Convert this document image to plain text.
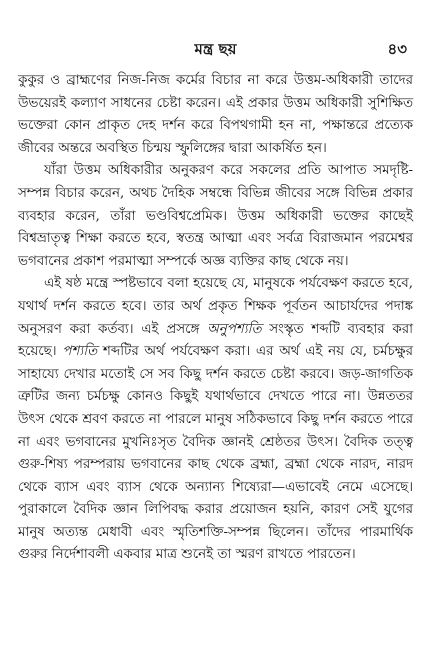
মন্ত্র ছয়	৪৩

কুকুর ও ব্রাহ্মণের নিজ-নিজ কর্মের বিচার না করে উত্তম-অধিকারী তাদের উভয়েরই কল্যাণ সাধনের চেষ্টা করেন। এই প্রকার উত্তম অধিকারী সুশিক্ষিত ভক্তেরা কোন প্রাকৃত দেহ দর্শন করে বিপথগামী হন না, পক্ষান্তরে প্রত্যেক জীবের অন্তরে অবস্থিত চিন্ময় স্ফুলিঙ্গের দ্বারা আকর্ষিত হন।

যাঁরা উত্তম অধিকারীর অনুকরণ করে সকলের প্রতি আপাত সমদৃষ্টি-সম্পন্ন বিচার করেন, অথচ দৈহিক সম্বন্ধে বিভিন্ন জীবের সঙ্গে বিভিন্ন প্রকার ব্যবহার করেন, তাঁরা ভণ্ডবিশ্বপ্রেমিক। উত্তম অধিকারী ভক্তের কাছেই বিশ্বভ্রাতৃত্ব শিক্ষা করতে হবে, স্বতন্ত্র আত্মা এবং সর্বত্র বিরাজমান পরমেশ্বর ভগবানের প্রকাশ পরমাত্মা সম্পর্কে অজ্ঞ ব্যক্তির কাছ থেকে নয়।

এই ষষ্ঠ মন্ত্রে স্পষ্টভাবে বলা হয়েছে যে, মানুষকে পর্যবেক্ষণ করতে হবে, যথার্থ দর্শন করতে হবে। তার অর্থ প্রকৃত শিক্ষক পূর্বতন আচার্যদের পদাঙ্ক অনুসরণ করা কর্তব্য। এই প্রসঙ্গে অনুপশ্যতি সংস্কৃত শব্দটি ব্যবহার করা হয়েছে। পশ্যতি শব্দটির অর্থ পর্যবেক্ষণ করা। এর অর্থ এই নয় যে, চর্মচক্ষুর সাহায্যে দেখার মতোই সে সব কিছু দর্শন করতে চেষ্টা করবে। জড়-জাগতিক ত্রুটির জন্য চর্মচক্ষু কোনও কিছুই যথার্থভাবে দেখতে পারে না। উন্নততর উৎস থেকে শ্রবণ করতে না পারলে মানুষ সঠিকভাবে কিছু দর্শন করতে পারে না এবং ভগবানের মুখনিঃসৃত বৈদিক জ্ঞানই শ্রেষ্ঠতর উৎস। বৈদিক তত্ত্ব গুরু-শিষ্য পরম্পরায় ভগবানের কাছ থেকে ব্রহ্মা, ব্রহ্মা থেকে নারদ, নারদ থেকে ব্যাস এবং ব্যাস থেকে অন্যান্য শিষ্যেরা—এভাবেই নেমে এসেছে। পুরাকালে বৈদিক জ্ঞান লিপিবদ্ধ করার প্রয়োজন হয়নি, কারণ সেই যুগের মানুষ অত্যন্ত মেধাবী এবং স্মৃতিশক্তি-সম্পন্ন ছিলেন। তাঁদের পারমার্থিক গুরুর নির্দেশাবলী একবার মাত্র শুনেই তা স্মরণ রাখতে পারতেন।
